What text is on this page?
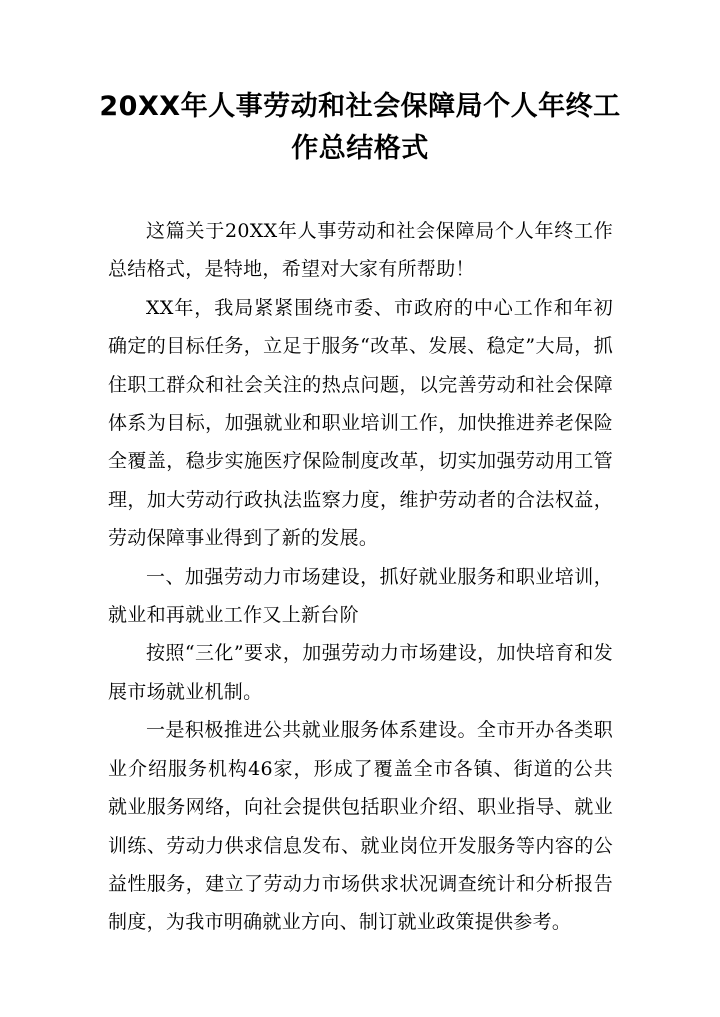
20XX年人事劳动和社会保障局个人年终工作总结格式

这篇关于20XX年人事劳动和社会保障局个人年终工作总结格式，是特地，希望对大家有所帮助！

XX年，我局紧紧围绕市委、市政府的中心工作和年初确定的目标任务，立足于服务“改革、发展、稳定”大局，抓住职工群众和社会关注的热点问题，以完善劳动和社会保障体系为目标，加强就业和职业培训工作，加快推进养老保险全覆盖，稳步实施医疗保险制度改革，切实加强劳动用工管理，加大劳动行政执法监察力度，维护劳动者的合法权益，劳动保障事业得到了新的发展。

一、加强劳动力市场建设，抓好就业服务和职业培训，就业和再就业工作又上新台阶

按照“三化”要求，加强劳动力市场建设，加快培育和发展市场就业机制。

一是积极推进公共就业服务体系建设。全市开办各类职业介绍服务机构46家，形成了覆盖全市各镇、街道的公共就业服务网络，向社会提供包括职业介绍、职业指导、就业训练、劳动力供求信息发布、就业岗位开发服务等内容的公益性服务，建立了劳动力市场供求状况调查统计和分析报告制度，为我市明确就业方向、制订就业政策提供参考。
